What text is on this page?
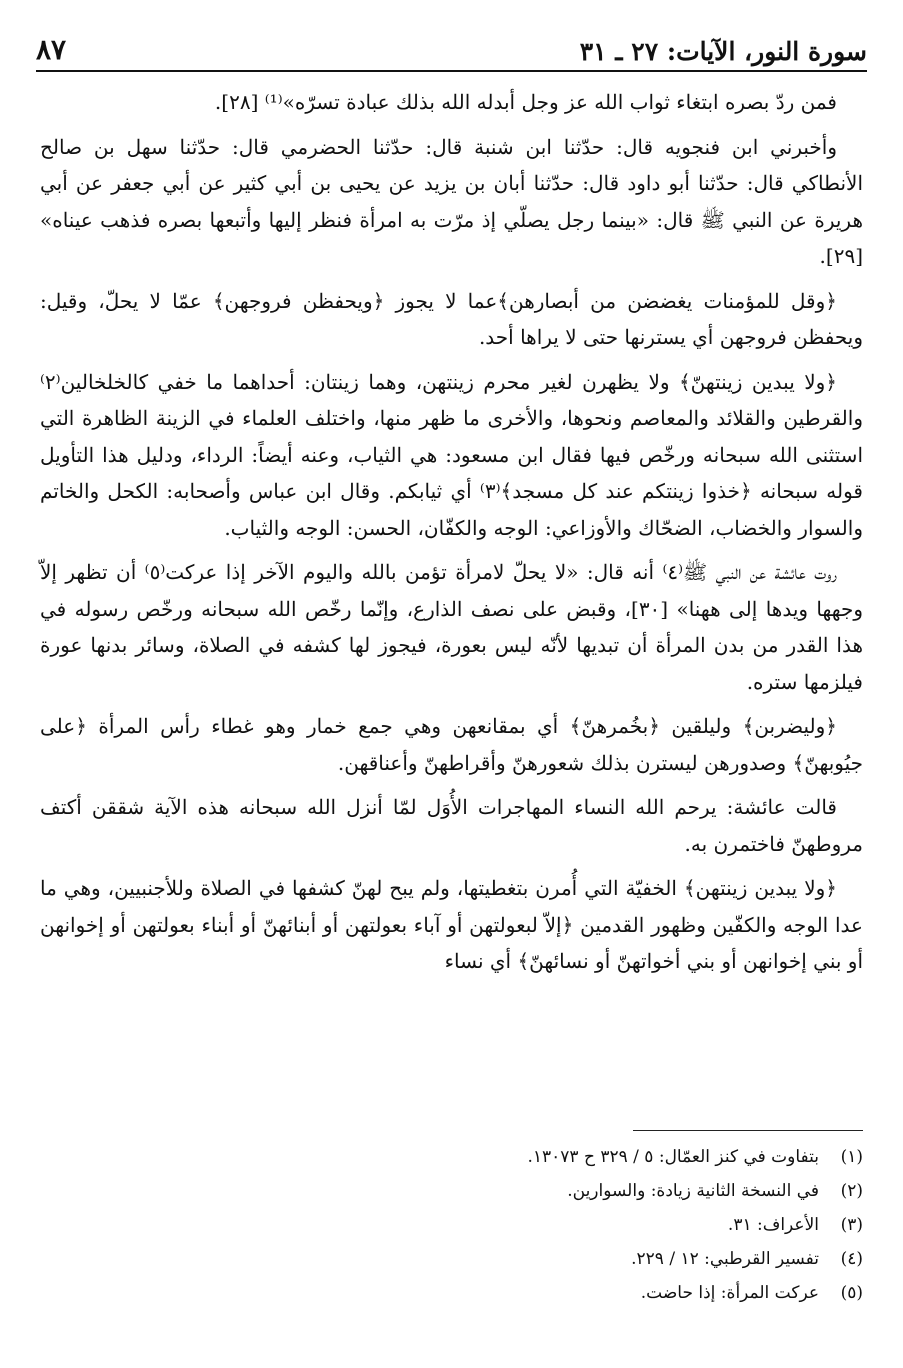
سورة النور، الآيات: ٢٧ ـ ٣١
٨٧

فمن ردّ بصره ابتغاء ثواب الله عز وجل أبدله الله بذلك عبادة تسرّه»⁽¹⁾ [٢٨].

وأخبرني ابن فنجويه قال: حدّثنا ابن شنبة قال: حدّثنا الحضرمي قال: حدّثنا سهل بن صالح الأنطاكي قال: حدّثنا أبو داود قال: حدّثنا أبان بن يزيد عن يحيى بن أبي كثير عن أبي جعفر عن أبي هريرة عن النبي ﷺ قال: «بينما رجل يصلّي إذ مرّت به امرأة فنظر إليها وأتبعها بصره فذهب عيناه» [٢٩].

﴿وقل للمؤمنات يغضضن من أبصارهن﴾عما لا يجوز ﴿ويحفظن فروجهن﴾ عمّا لا يحلّ، وقيل: ويحفظن فروجهن أي يسترنها حتى لا يراها أحد.

﴿ولا يبدين زينتهنّ﴾ ولا يظهرن لغير محرم زينتهن، وهما زينتان: أحداهما ما خفي كالخلخالين⁽٢⁾ والقرطين والقلائد والمعاصم ونحوها، والأخرى ما ظهر منها، واختلف العلماء في الزينة الظاهرة التي استثنى الله سبحانه ورخّص فيها فقال ابن مسعود: هي الثياب، وعنه أيضاً: الرداء، ودليل هذا التأويل قوله سبحانه ﴿خذوا زينتكم عند كل مسجد﴾⁽٣⁾ أي ثيابكم. وقال ابن عباس وأصحابه: الكحل والخاتم والسوار والخضاب، الضحّاك والأوزاعي: الوجه والكفّان، الحسن: الوجه والثياب.

روت عائشة عن النبي ﷺ⁽٤⁾ أنه قال: «لا يحلّ لامرأة تؤمن بالله واليوم الآخر إذا عركت⁽٥⁾ أن تظهر إلاّ وجهها ويدها إلى ههنا» [٣٠]، وقبض على نصف الذارع، وإنّما رخّص الله سبحانه ورخّص رسوله في هذا القدر من بدن المرأة أن تبديها لأنّه ليس بعورة، فيجوز لها كشفه في الصلاة، وسائر بدنها عورة فيلزمها ستره.

﴿وليضربن﴾ وليلقين ﴿بخُمرهنّ﴾ أي بمقانعهن وهي جمع خمار وهو غطاء رأس المرأة ﴿على جيُوبهنّ﴾ وصدورهن ليسترن بذلك شعورهنّ وأقراطهنّ وأعناقهن.

قالت عائشة: يرحم الله النساء المهاجرات الأُوَل لمّا أنزل الله سبحانه هذه الآية شققن أكتف مروطهنّ فاختمرن به.

﴿ولا يبدين زينتهن﴾ الخفيّة التي أُمرن بتغطيتها، ولم يبح لهنّ كشفها في الصلاة وللأجنبيين، وهي ما عدا الوجه والكفّين وظهور القدمين ﴿إلاّ لبعولتهن أو آباء بعولتهن أو أبنائهنّ أو أبناء بعولتهن أو إخوانهن أو بني إخوانهن أو بني أخواتهنّ أو نسائهنّ﴾ أي نساء

(١)
بتفاوت في كنز العمّال: ٥ / ٣٢٩ ح ١٣٠٧٣.
(٢)
في النسخة الثانية زيادة: والسوارين.
(٣)
الأعراف: ٣١.
(٤)
تفسير القرطبي: ١٢ / ٢٢٩.
(٥)
عركت المرأة: إذا حاضت.
